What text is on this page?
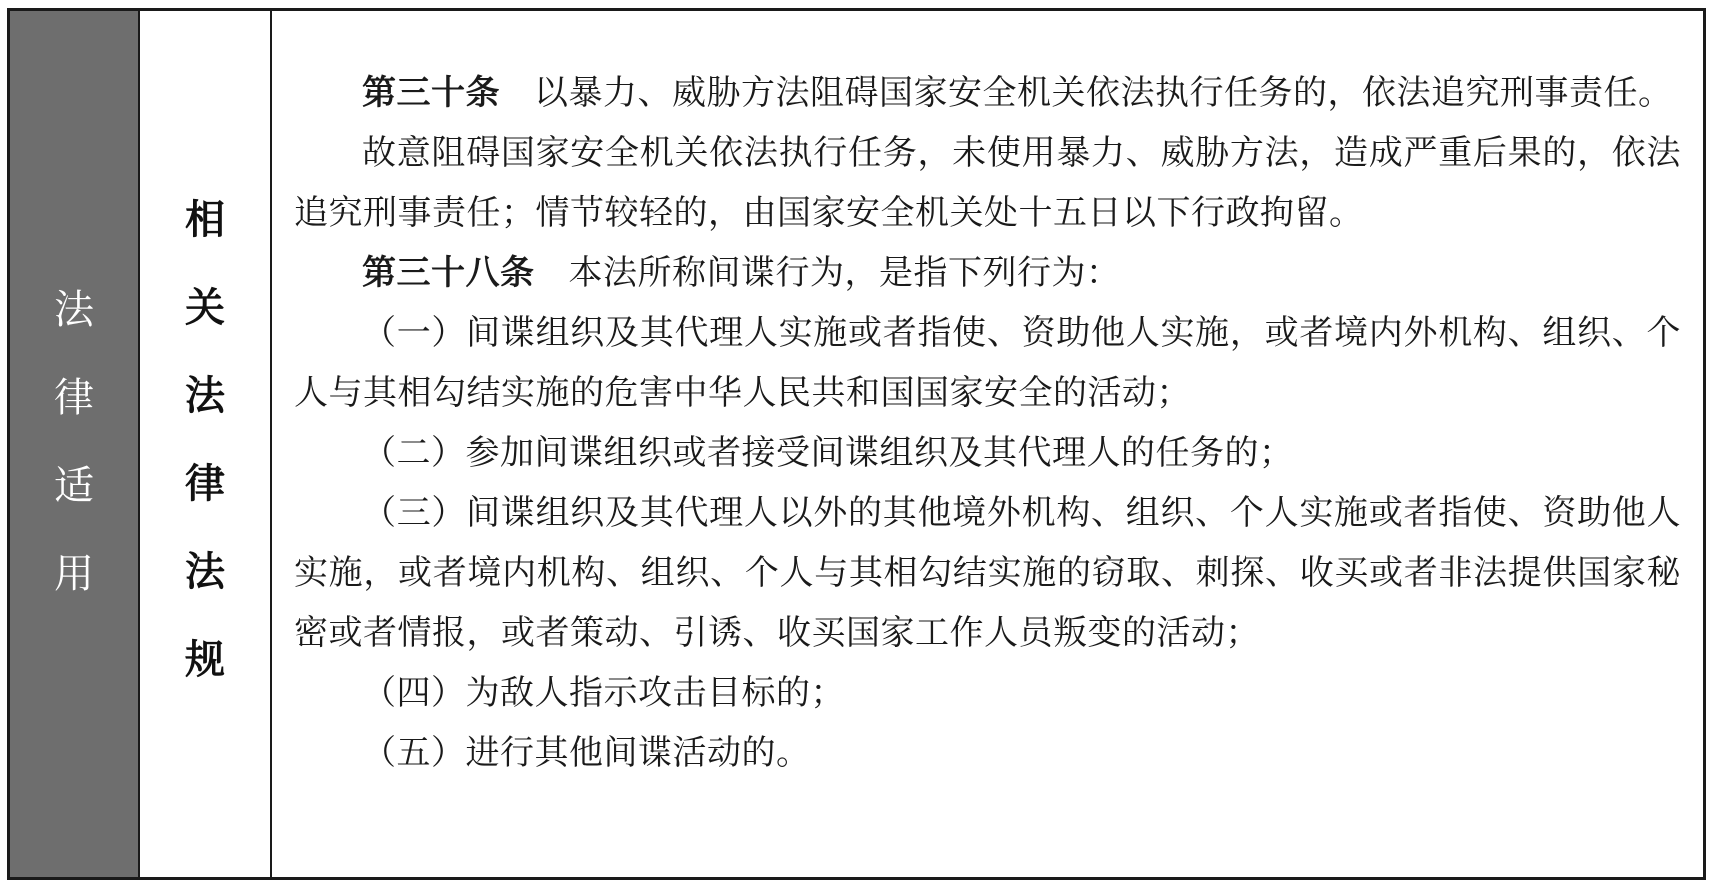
法律适用
相关法律法规

第三十条 以暴力、威胁方法阻碍国家安全机关依法执行任务的，依法追究刑事责任。

故意阻碍国家安全机关依法执行任务，未使用暴力、威胁方法，造成严重后果的，依法追究刑事责任；情节较轻的，由国家安全机关处十五日以下行政拘留。

第三十八条 本法所称间谍行为，是指下列行为：

（一）间谍组织及其代理人实施或者指使、资助他人实施，或者境内外机构、组织、个人与其相勾结实施的危害中华人民共和国国家安全的活动；

（二）参加间谍组织或者接受间谍组织及其代理人的任务的；

（三）间谍组织及其代理人以外的其他境外机构、组织、个人实施或者指使、资助他人实施，或者境内机构、组织、个人与其相勾结实施的窃取、刺探、收买或者非法提供国家秘密或者情报，或者策动、引诱、收买国家工作人员叛变的活动；

（四）为敌人指示攻击目标的；

（五）进行其他间谍活动的。
